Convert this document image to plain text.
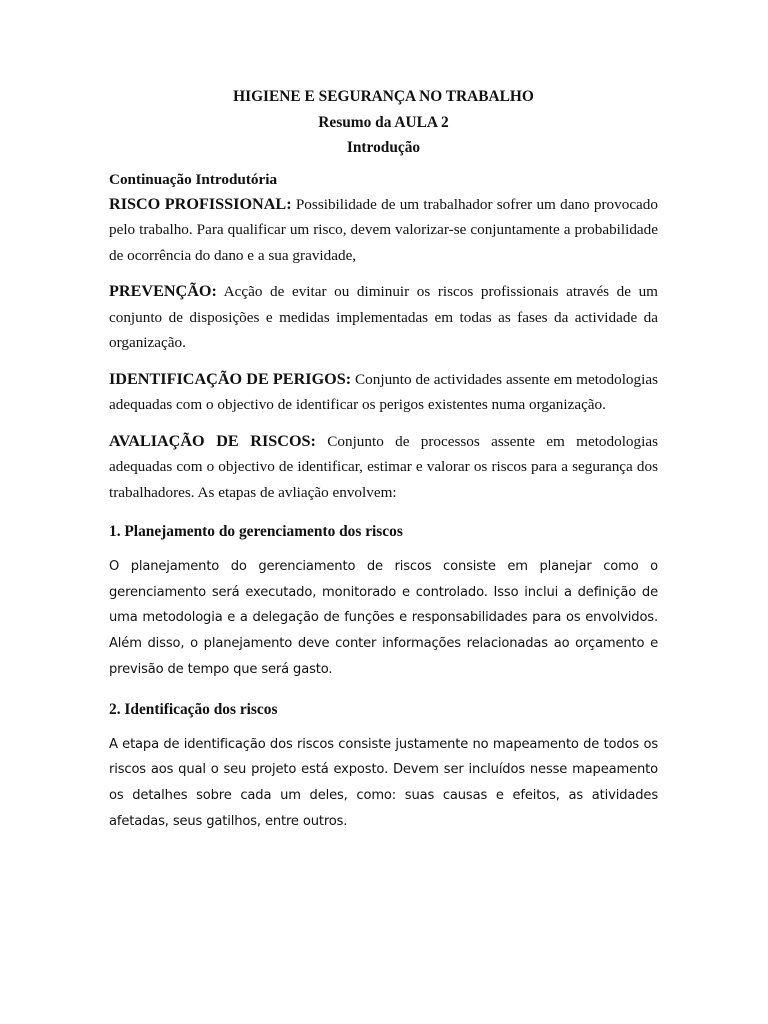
HIGIENE E SEGURANÇA NO TRABALHO
Resumo da AULA 2
Introdução
Continuação Introdutória

RISCO PROFISSIONAL: Possibilidade de um trabalhador sofrer um dano provocado pelo trabalho. Para qualificar um risco, devem valorizar-se conjuntamente a probabilidade de ocorrência do dano e a sua gravidade,

PREVENÇÃO: Acção de evitar ou diminuir os riscos profissionais através de um conjunto de disposições e medidas implementadas em todas as fases da actividade da organização.

IDENTIFICAÇÃO DE PERIGOS: Conjunto de actividades assente em metodologias adequadas com o objectivo de identificar os perigos existentes numa organização.

AVALIAÇÃO DE RISCOS: Conjunto de processos assente em metodologias adequadas com o objectivo de identificar, estimar e valorar os riscos para a segurança dos trabalhadores. As etapas de avliação envolvem:

1. Planejamento do gerenciamento dos riscos
O planejamento do gerenciamento de riscos consiste em planejar como o gerenciamento será executado, monitorado e controlado. Isso inclui a definição de uma metodologia e a delegação de funções e responsabilidades para os envolvidos. Além disso, o planejamento deve conter informações relacionadas ao orçamento e previsão de tempo que será gasto.
2. Identificação dos riscos
A etapa de identificação dos riscos consiste justamente no mapeamento de todos os riscos aos qual o seu projeto está exposto. Devem ser incluídos nesse mapeamento os detalhes sobre cada um deles, como: suas causas e efeitos, as atividades afetadas, seus gatilhos, entre outros.
